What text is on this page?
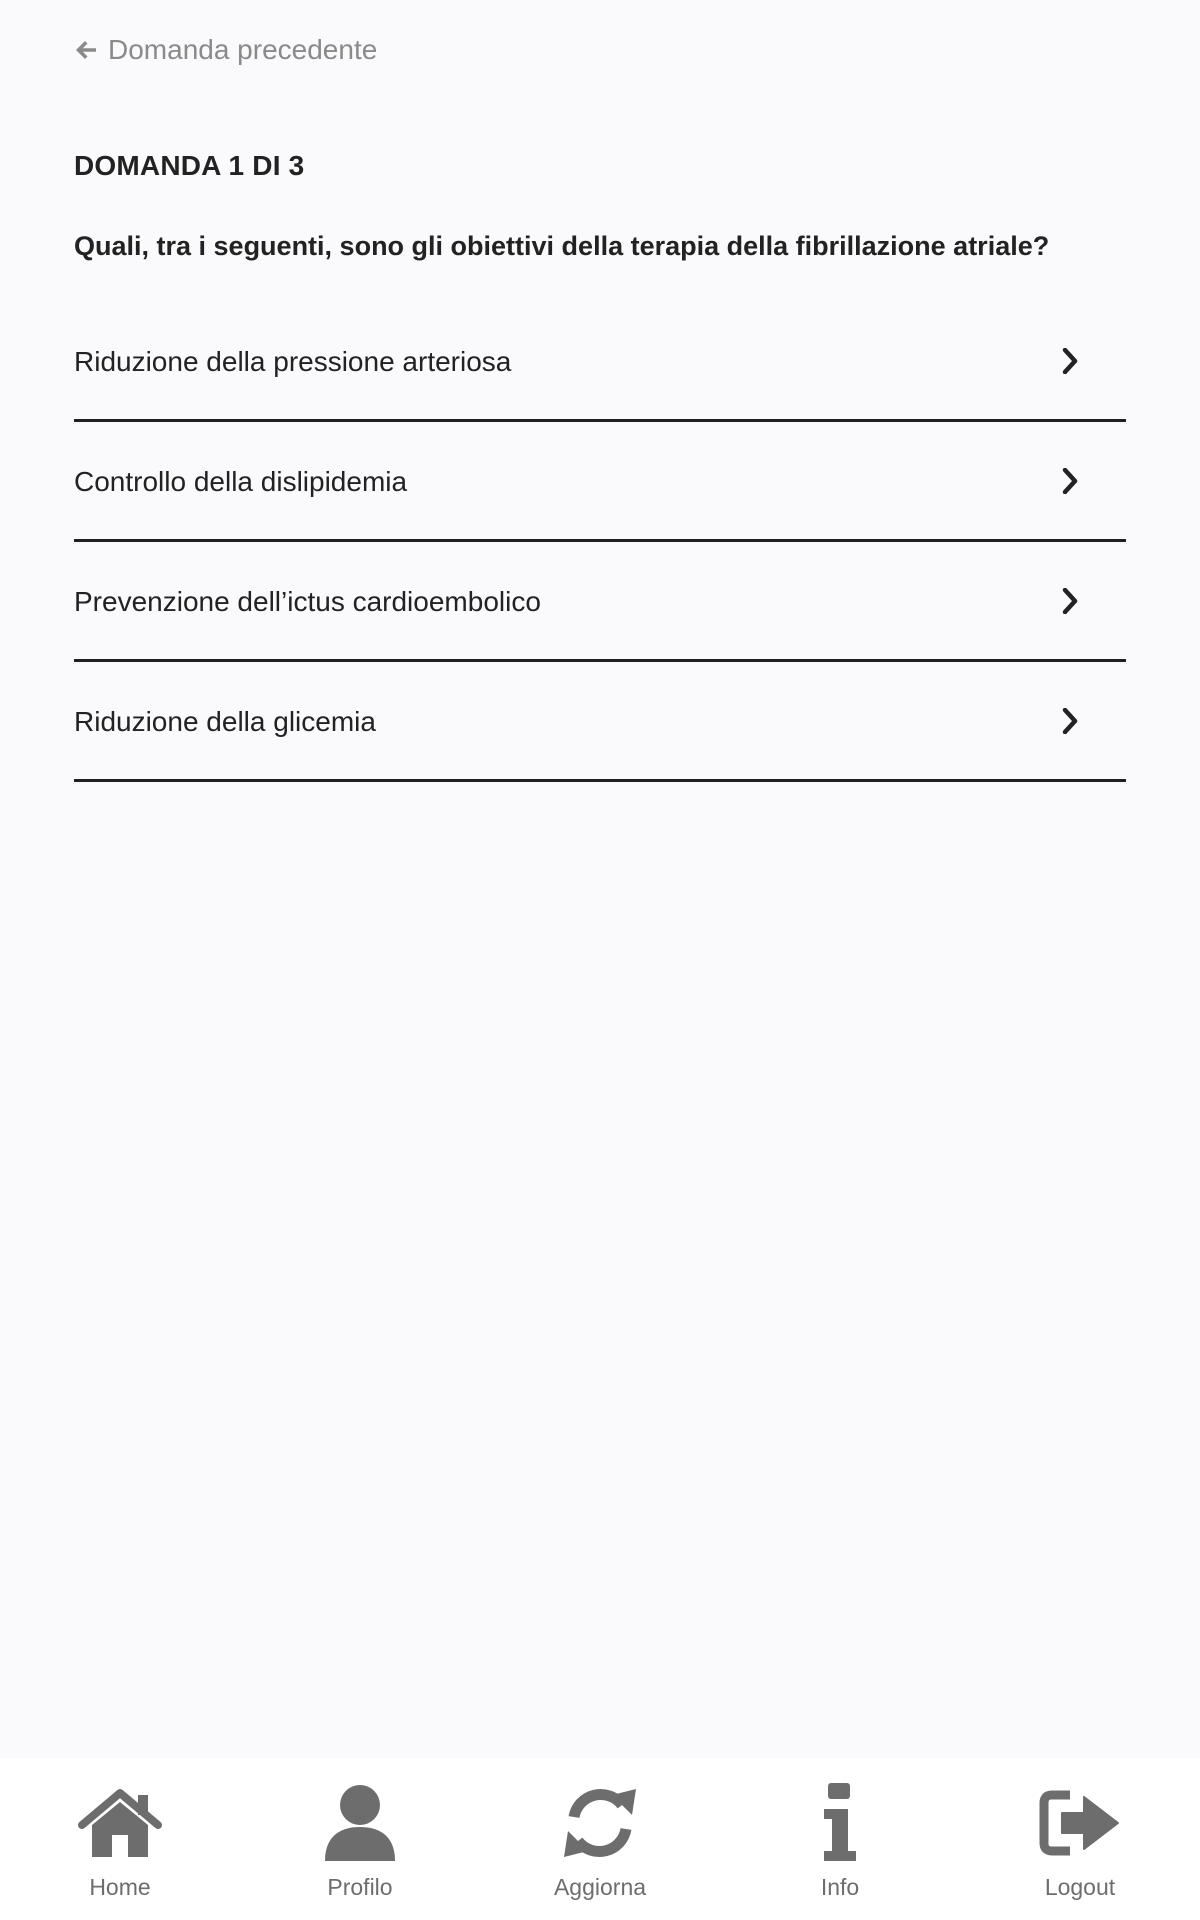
Domanda precedente
DOMANDA 1 DI 3
Quali, tra i seguenti, sono gli obiettivi della terapia della fibrillazione atriale?
Riduzione della pressione arteriosa
Controllo della dislipidemia
Prevenzione dell’ictus cardioembolico
Riduzione della glicemia
Home	Profilo	Aggiorna	Info	Logout
